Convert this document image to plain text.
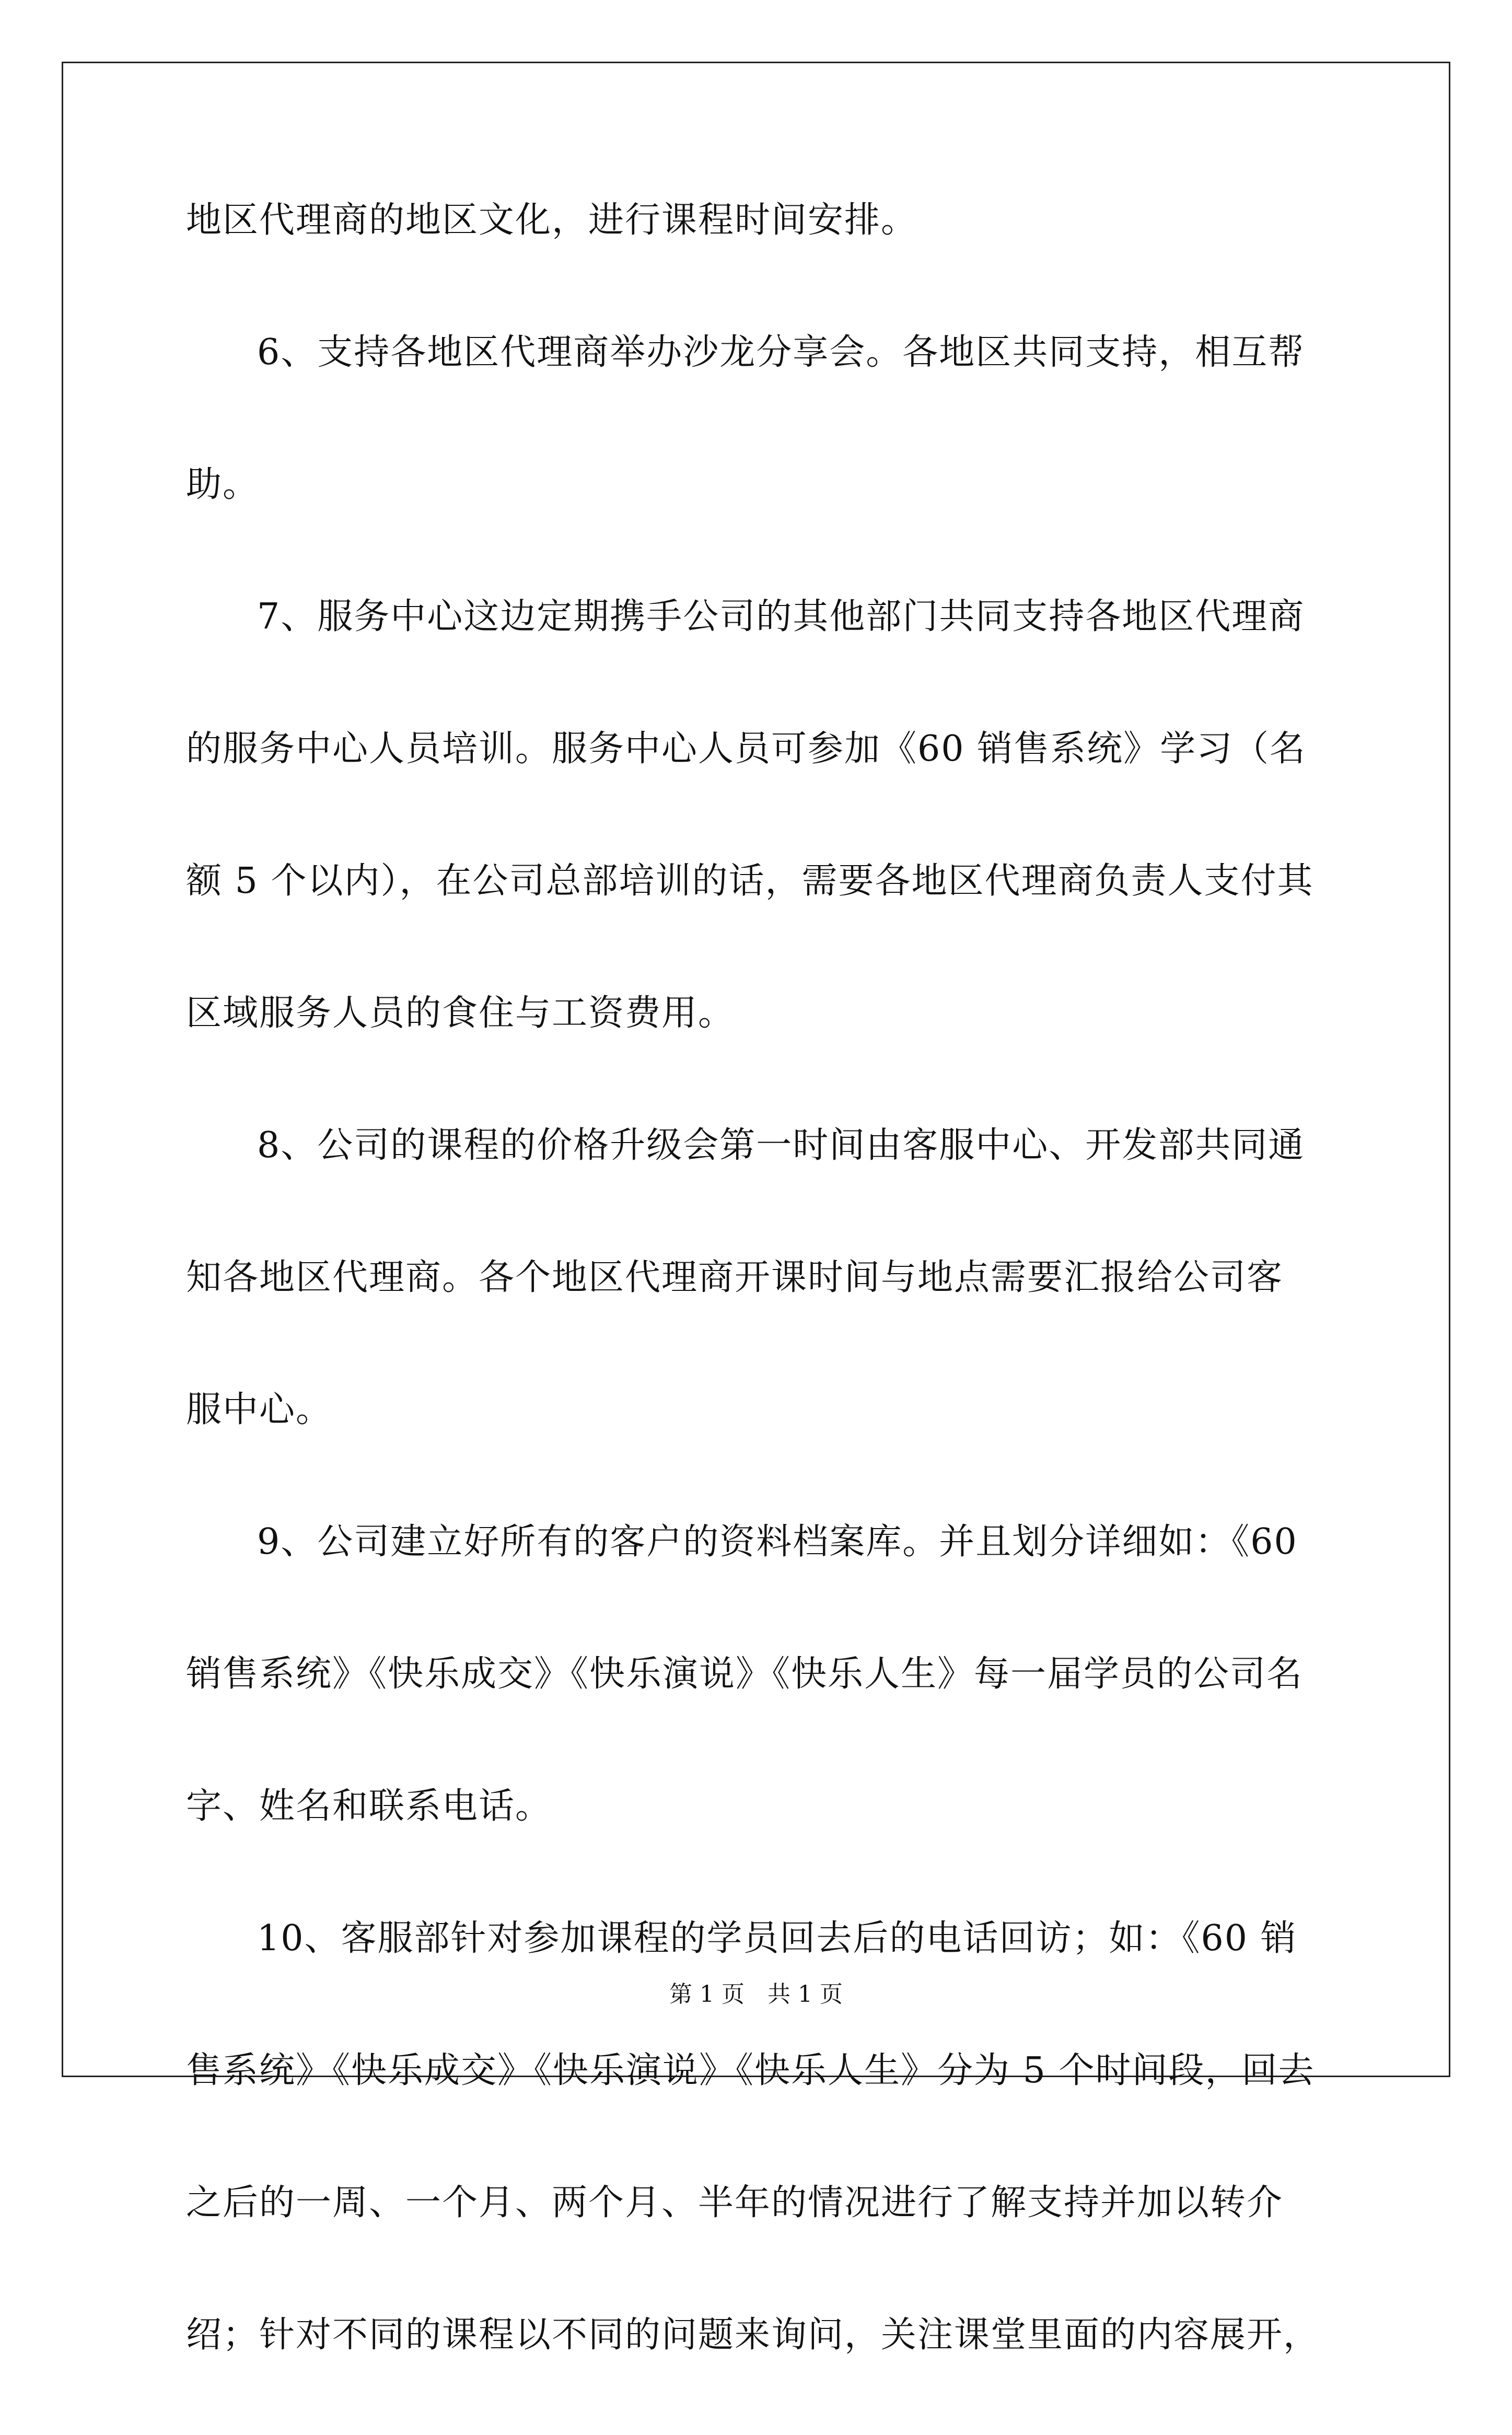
地区代理商的地区文化，进行课程时间安排。
6、支持各地区代理商举办沙龙分享会。各地区共同支持，相互帮
助。
7、服务中心这边定期携手公司的其他部门共同支持各地区代理商
的服务中心人员培训。服务中心人员可参加《60 销售系统》学习（名
额 5 个以内），在公司总部培训的话，需要各地区代理商负责人支付其
区域服务人员的食住与工资费用。
8、公司的课程的价格升级会第一时间由客服中心、开发部共同通
知各地区代理商。各个地区代理商开课时间与地点需要汇报给公司客
服中心。
9、公司建立好所有的客户的资料档案库。并且划分详细如：《60
销售系统》《快乐成交》《快乐演说》《快乐人生》每一届学员的公司名
字、姓名和联系电话。
10、客服部针对参加课程的学员回去后的电话回访；如：《60 销
售系统》《快乐成交》《快乐演说》《快乐人生》分为 5 个时间段，回去
之后的一周、一个月、两个月、半年的情况进行了解支持并加以转介
绍；针对不同的课程以不同的问题来询问，关注课堂里面的内容展开，
第 1 页　共 1 页
